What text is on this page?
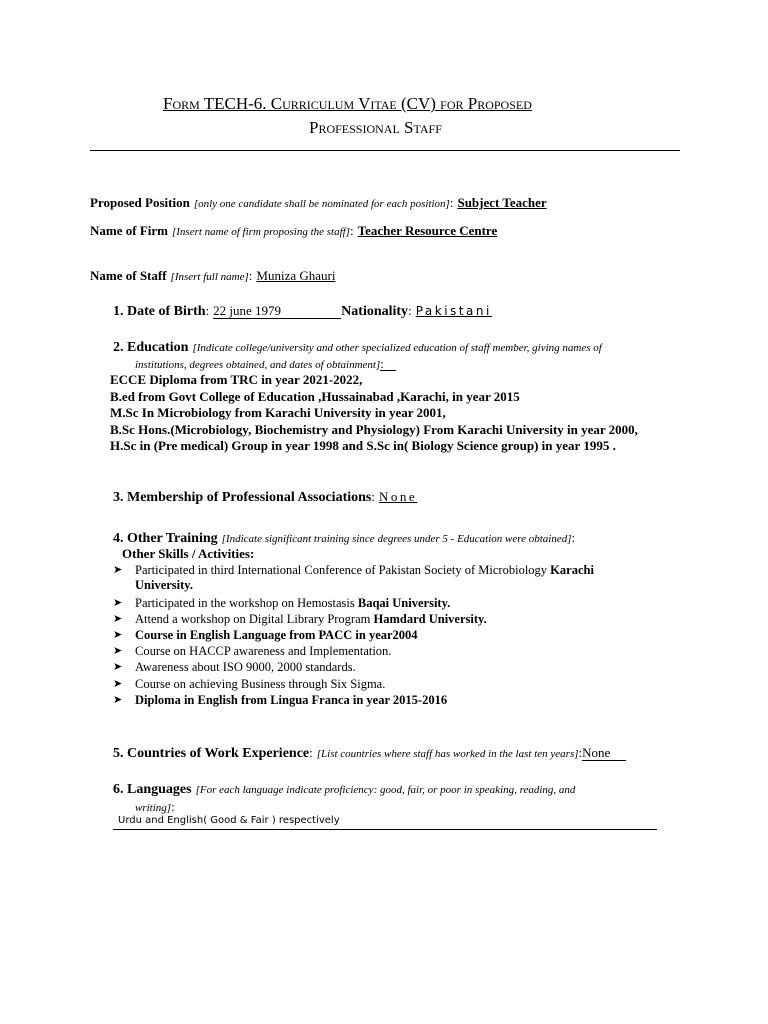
Form TECH-6. Curriculum Vitae (CV) for Proposed
Professional Staff
Proposed Position [only one candidate shall be nominated for each position]: Subject Teacher
Name of Firm [Insert name of firm proposing the staff]: Teacher Resource Centre
Name of Staff [Insert full name]: Muniza Ghauri
1. Date of Birth: 22 june 1979	Nationality: Pakistani
2. Education [Indicate college/university and other specialized education of staff member, giving names of
institutions, degrees obtained, and dates of obtainment]:
ECCE Diploma from TRC in year 2021-2022,
B.ed from Govt College of Education ,Hussainabad ,Karachi, in year 2015
M.Sc In Microbiology from Karachi University in year 2001,
B.Sc Hons.(Microbiology, Biochemistry and Physiology) From Karachi University in year 2000,
H.Sc in (Pre medical) Group in year 1998 and S.Sc in( Biology Science group) in year 1995 .
3. Membership of Professional Associations: None
4. Other Training [Indicate significant training since degrees under 5 - Education were obtained]:
Other Skills / Activities:
➤ Participated in third International Conference of Pakistan Society of Microbiology Karachi
University.
➤ Participated in the workshop on Hemostasis Baqai University.
➤ Attend a workshop on Digital Library Program Hamdard University.
➤ Course in English Language from PACC in year2004
➤ Course on HACCP awareness and Implementation.
➤ Awareness about ISO 9000, 2000 standards.
➤ Course on achieving Business through Six Sigma.
➤ Diploma in English from Lingua Franca in year 2015-2016
5. Countries of Work Experience: [List countries where staff has worked in the last ten years]:None
6. Languages [For each language indicate proficiency: good, fair, or poor in speaking, reading, and
writing]:
Urdu and English( Good & Fair ) respectively
